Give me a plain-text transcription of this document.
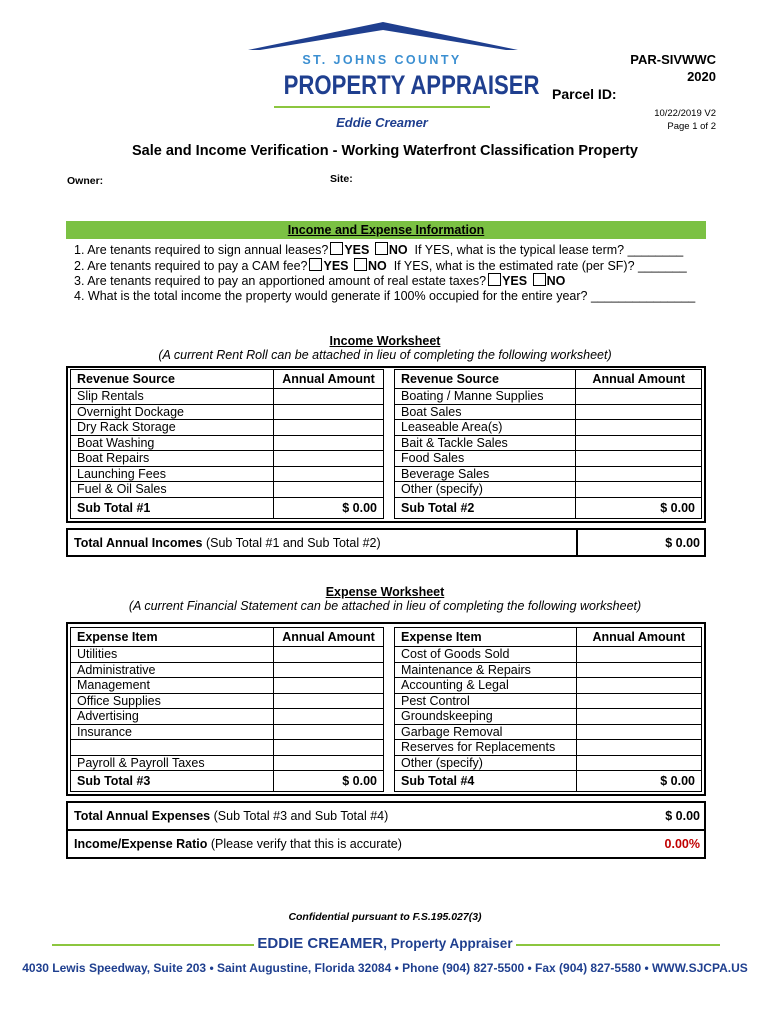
ST. JOHNS COUNTY
PROPERTY APPRAISER
Eddie Creamer
PAR-SIVWWC
2020
Parcel ID:
10/22/2019 V2
Page 1 of 2
Sale and Income Verification - Working Waterfront Classification Property
Owner:	Site:
Income and Expense Information
1. Are tenants required to sign annual leases? YES NO If YES, what is the typical lease term? ________
2. Are tenants required to pay a CAM fee? YES NO If YES, what is the estimated rate (per SF)? _______
3. Are tenants required to pay an apportioned amount of real estate taxes? YES NO
4. What is the total income the property would generate if 100% occupied for the entire year? _______________
Income Worksheet
(A current Rent Roll can be attached in lieu of completing the following worksheet)
Revenue Source	Annual Amount
Slip Rentals	
Overnight Dockage	
Dry Rack Storage	
Boat Washing	
Boat Repairs	
Launching Fees	
Fuel & Oil Sales	
Sub Total #1	$ 0.00
Revenue Source	Annual Amount
Boating / Manne Supplies	
Boat Sales	
Leaseable Area(s)	
Bait & Tackle Sales	
Food Sales	
Beverage Sales	
Other (specify)	
Sub Total #2	$ 0.00
Total Annual Incomes (Sub Total #1 and Sub Total #2)	$ 0.00
Expense Worksheet
(A current Financial Statement can be attached in lieu of completing the following worksheet)
Expense Item	Annual Amount
Utilities	
Administrative	
Management	
Office Supplies	
Advertising	
Insurance	

Payroll & Payroll Taxes	
Sub Total #3	$ 0.00
Expense Item	Annual Amount
Cost of Goods Sold	
Maintenance & Repairs	
Accounting & Legal	
Pest Control	
Groundskeeping	
Garbage Removal	
Reserves for Replacements	
Other (specify)	
Sub Total #4	$ 0.00
Total Annual Expenses (Sub Total #3 and Sub Total #4)	$ 0.00
Income/Expense Ratio (Please verify that this is accurate)	0.00%
Confidential pursuant to F.S.195.027(3)
EDDIE CREAMER, Property Appraiser
4030 Lewis Speedway, Suite 203 • Saint Augustine, Florida 32084 • Phone (904) 827-5500 • Fax (904) 827-5580 • WWW.SJCPA.US
